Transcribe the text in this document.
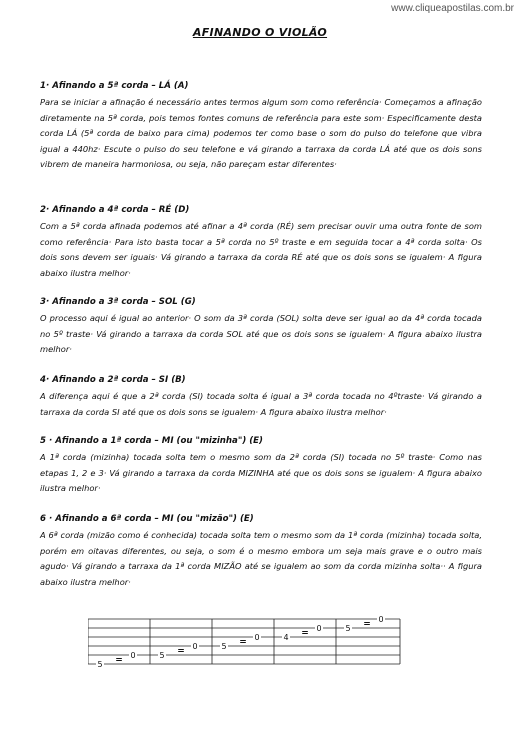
www.cliqueapostilas.com.br
AFINANDO O VIOLÃO
1· Afinando a 5ª corda – LÁ (A)

Para se iniciar a afinação é necessário antes termos algum som como referência· Começamos a afinação diretamente na 5ª corda, pois temos fontes comuns de referência para este som· Especificamente desta corda LÁ (5ª corda de baixo para cima) podemos ter como base o som do pulso do telefone que vibra igual a 440hz· Escute o pulso do seu telefone e vá girando a tarraxa da corda LÁ até que os dois sons vibrem de maneira harmoniosa, ou seja, não pareçam estar diferentes·

2· Afinando a 4ª corda – RÉ (D)

Com a 5ª corda afinada podemos até afinar a 4ª corda (RÉ) sem precisar ouvir uma outra fonte de som como referência· Para isto basta tocar a 5ª corda no 5º traste e em seguida tocar a 4ª corda solta· Os dois sons devem ser iguais· Vá girando a tarraxa da corda RÉ até que os dois sons se igualem· A figura abaixo ilustra melhor·

3· Afinando a 3ª corda – SOL (G)

O processo aqui é igual ao anterior· O som da 3ª corda (SOL) solta deve ser igual ao da 4ª corda tocada no 5º traste· Vá girando a tarraxa da corda SOL até que os dois sons se igualem· A figura abaixo ilustra melhor·

4· Afinando a 2ª corda – SI (B)

A diferença aqui é que a 2ª corda (SI) tocada solta é igual a 3ª corda tocada no 4ºtraste· Vá girando a tarraxa da corda SI até que os dois sons se igualem· A figura abaixo ilustra melhor·

5 · Afinando a 1ª corda – MI (ou "mizinha") (E)

A 1ª corda (mizinha) tocada solta tem o mesmo som da 2ª corda (SI) tocada no 5º traste· Como nas etapas 1, 2 e 3· Vá girando a tarraxa da corda MIZINHA até que os dois sons se igualem· A figura abaixo ilustra melhor·

6 · Afinando a 6ª corda – MI (ou "mizão") (E)

A 6ª corda (mizão como é conhecida) tocada solta tem o mesmo som da 1ª corda (mizinha) tocada solta, porém em oitavas diferentes, ou seja, o som é o mesmo embora um seja mais grave e o outro mais agudo· Vá girando a tarraxa da 1ª corda MIZÃO até se igualem ao som da corda mizinha solta·· A figura abaixo ilustra melhor·

5 = 0	5 = 0	5 = 0	4 = 0	5 = 0
